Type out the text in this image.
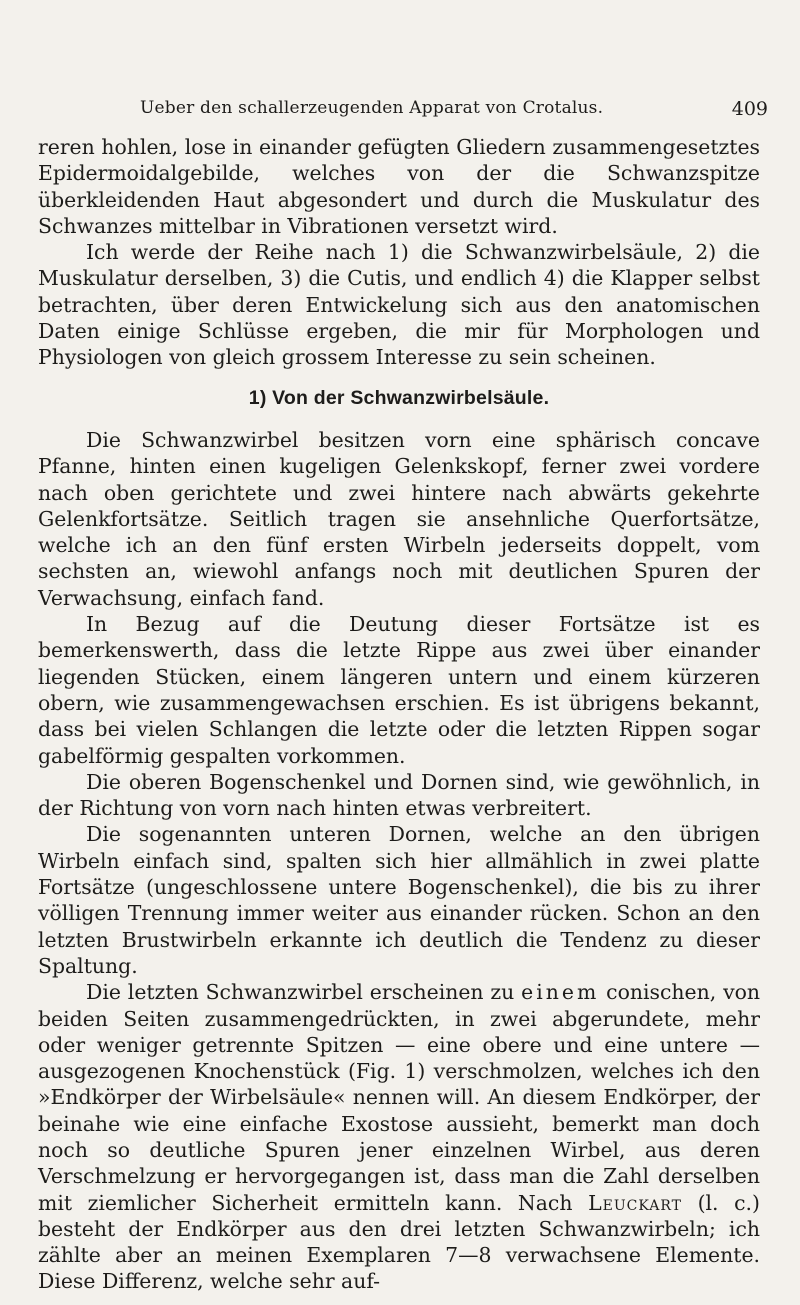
Ueber den schallerzeugenden Apparat von Crotalus.	409

reren hohlen, lose in einander gefügten Gliedern zusammengesetztes Epidermoidalgebilde, welches von der die Schwanzspitze überkleidenden Haut abgesondert und durch die Muskulatur des Schwanzes mittelbar in Vibrationen versetzt wird.

Ich werde der Reihe nach 1) die Schwanzwirbelsäule, 2) die Muskulatur derselben, 3) die Cutis, und endlich 4) die Klapper selbst betrachten, über deren Entwickelung sich aus den anatomischen Daten einige Schlüsse ergeben, die mir für Morphologen und Physiologen von gleich grossem Interesse zu sein scheinen.

1) Von der Schwanzwirbelsäule.

Die Schwanzwirbel besitzen vorn eine sphärisch concave Pfanne, hinten einen kugeligen Gelenkskopf, ferner zwei vordere nach oben gerichtete und zwei hintere nach abwärts gekehrte Gelenkfortsätze. Seitlich tragen sie ansehnliche Querfortsätze, welche ich an den fünf ersten Wirbeln jederseits doppelt, vom sechsten an, wiewohl anfangs noch mit deutlichen Spuren der Verwachsung, einfach fand.

In Bezug auf die Deutung dieser Fortsätze ist es bemerkenswerth, dass die letzte Rippe aus zwei über einander liegenden Stücken, einem längeren untern und einem kürzeren obern, wie zusammengewachsen erschien. Es ist übrigens bekannt, dass bei vielen Schlangen die letzte oder die letzten Rippen sogar gabelförmig gespalten vorkommen.

Die oberen Bogenschenkel und Dornen sind, wie gewöhnlich, in der Richtung von vorn nach hinten etwas verbreitert.

Die sogenannten unteren Dornen, welche an den übrigen Wirbeln einfach sind, spalten sich hier allmählich in zwei platte Fortsätze (ungeschlossene untere Bogenschenkel), die bis zu ihrer völligen Trennung immer weiter aus einander rücken. Schon an den letzten Brustwirbeln erkannte ich deutlich die Tendenz zu dieser Spaltung.

Die letzten Schwanzwirbel erscheinen zu einem conischen, von beiden Seiten zusammengedrückten, in zwei abgerundete, mehr oder weniger getrennte Spitzen — eine obere und eine untere — ausgezogenen Knochenstück (Fig. 1) verschmolzen, welches ich den »Endkörper der Wirbelsäule« nennen will. An diesem Endkörper, der beinahe wie eine einfache Exostose aussieht, bemerkt man doch noch so deutliche Spuren jener einzelnen Wirbel, aus deren Verschmelzung er hervorgegangen ist, dass man die Zahl derselben mit ziemlicher Sicherheit ermitteln kann. Nach Leuckart (l. c.) besteht der Endkörper aus den drei letzten Schwanzwirbeln; ich zählte aber an meinen Exemplaren 7—8 verwachsene Elemente. Diese Differenz, welche sehr auf-
